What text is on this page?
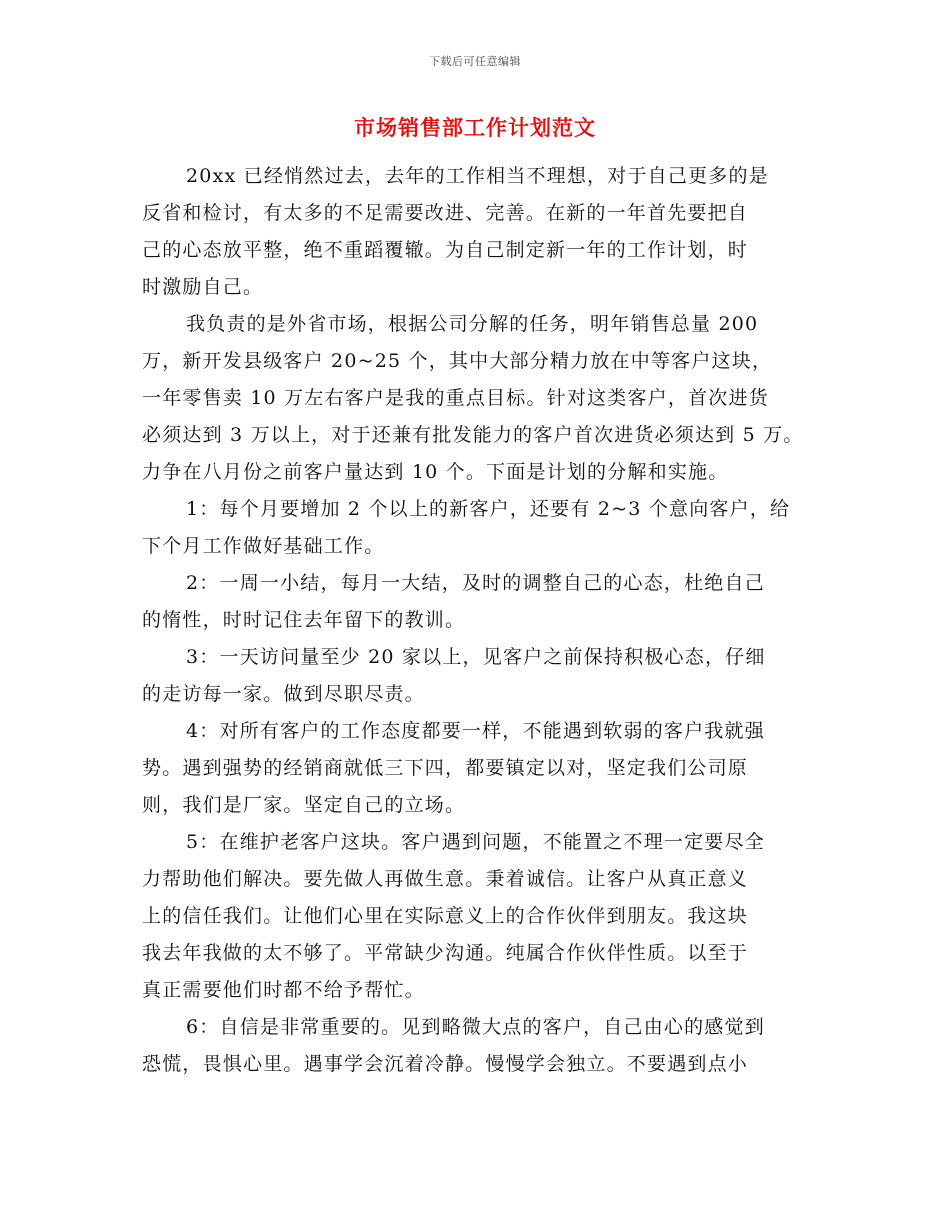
下载后可任意编辑
市场销售部工作计划范文
20xx 已经悄然过去，去年的工作相当不理想，对于自己更多的是
反省和检讨，有太多的不足需要改进、完善。在新的一年首先要把自
己的心态放平整，绝不重蹈覆辙。为自己制定新一年的工作计划，时
时激励自己。
我负责的是外省市场，根据公司分解的任务，明年销售总量 200
万，新开发县级客户 20~25 个，其中大部分精力放在中等客户这块，
一年零售卖 10 万左右客户是我的重点目标。针对这类客户，首次进货
必须达到 3 万以上，对于还兼有批发能力的客户首次进货必须达到 5 万。
力争在八月份之前客户量达到 10 个。下面是计划的分解和实施。
1：每个月要增加 2 个以上的新客户，还要有 2~3 个意向客户，给
下个月工作做好基础工作。
2：一周一小结，每月一大结，及时的调整自己的心态，杜绝自己
的惰性，时时记住去年留下的教训。
3：一天访问量至少 20 家以上，见客户之前保持积极心态，仔细
的走访每一家。做到尽职尽责。
4：对所有客户的工作态度都要一样，不能遇到软弱的客户我就强
势。遇到强势的经销商就低三下四，都要镇定以对，坚定我们公司原
则，我们是厂家。坚定自己的立场。
5：在维护老客户这块。客户遇到问题，不能置之不理一定要尽全
力帮助他们解决。要先做人再做生意。秉着诚信。让客户从真正意义
上的信任我们。让他们心里在实际意义上的合作伙伴到朋友。我这块
我去年我做的太不够了。平常缺少沟通。纯属合作伙伴性质。以至于
真正需要他们时都不给予帮忙。
6：自信是非常重要的。见到略微大点的客户，自己由心的感觉到
恐慌，畏惧心里。遇事学会沉着冷静。慢慢学会独立。不要遇到点小
